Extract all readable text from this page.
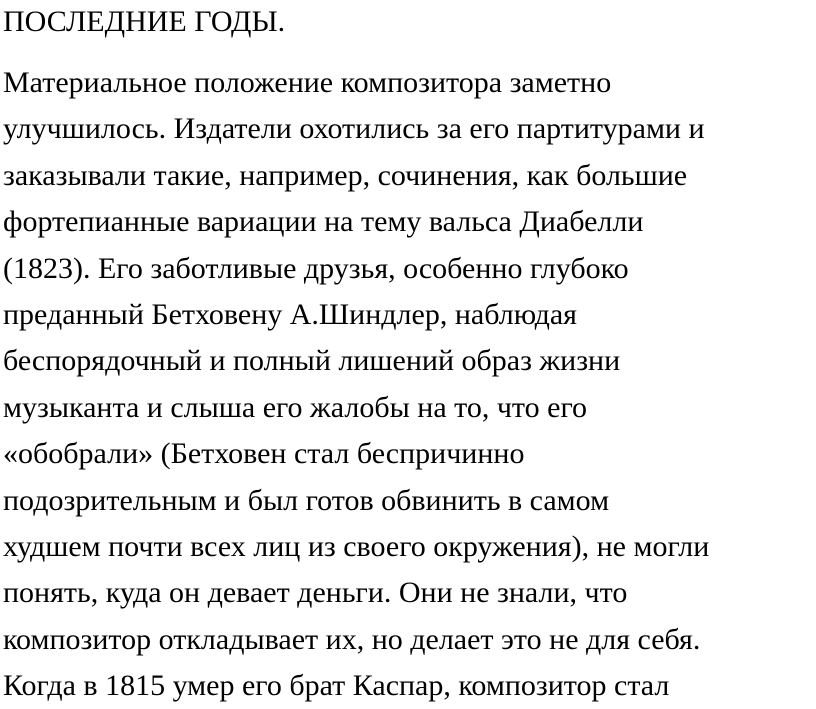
ПОСЛЕДНИЕ ГОДЫ.
Материальное положение композитора заметно
улучшилось. Издатели охотились за его партитурами и
заказывали такие, например, сочинения, как большие
фортепианные вариации на тему вальса Диабелли
(1823). Его заботливые друзья, особенно глубоко
преданный Бетховену А.Шиндлер, наблюдая
беспорядочный и полный лишений образ жизни
музыканта и слыша его жалобы на то, что его
«обобрали» (Бетховен стал беспричинно
подозрительным и был готов обвинить в самом
худшем почти всех лиц из своего окружения), не могли
понять, куда он девает деньги. Они не знали, что
композитор откладывает их, но делает это не для себя.
Когда в 1815 умер его брат Каспар, композитор стал
